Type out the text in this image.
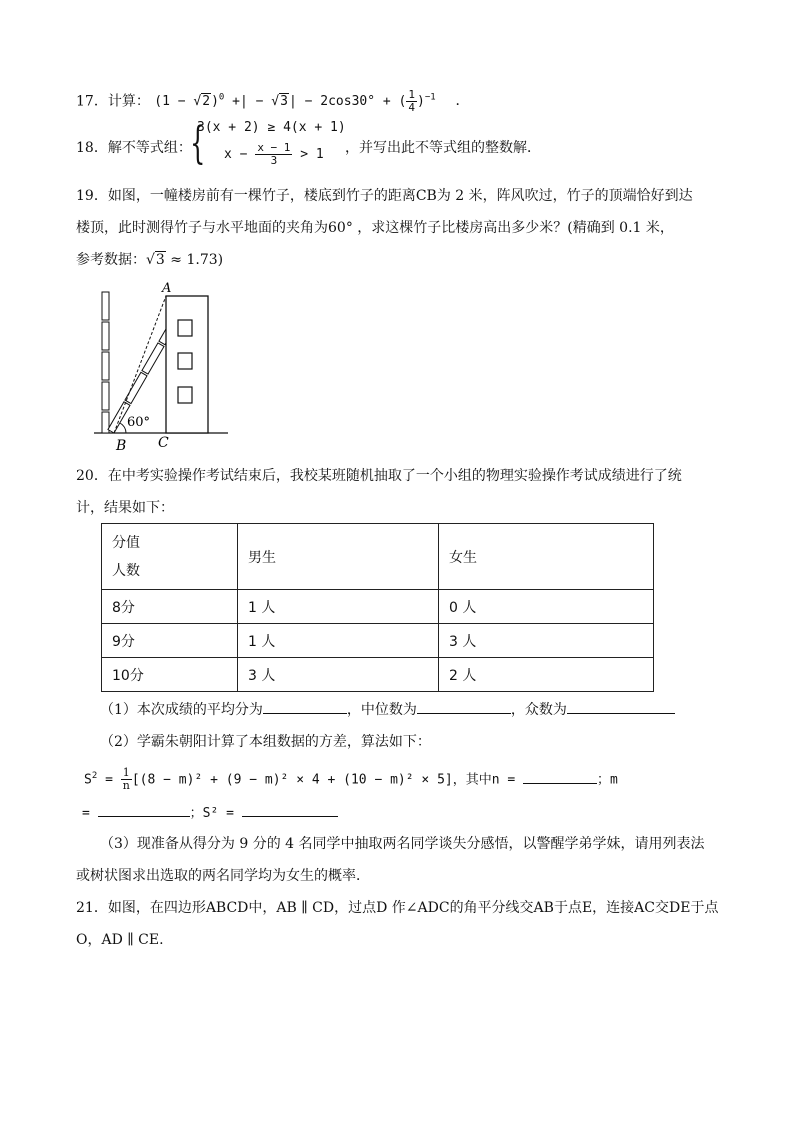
17．计算： $(1 - √2)^0$ +| − √3| − 2cos30° + ( $\frac{1}{4} )^{-1}$ ．
18．解不等式组：
{
3(x + 2) ≥ 4(x + 1)
$x - \frac{x - 1}{3} > 1$ ，并写出此不等式组的整数解．
19．如图，一幢楼房前有一棵竹子，楼底到竹子的距离CB为 2 米，阵风吹过，竹子的顶端恰好到达
楼顶，此时测得竹子与水平地面的夹角为60° ，求这棵竹子比楼房高出多少米？(精确到 0.1 米，
参考数据：√3 ≈ 1.73)
60°
A
B C
20．在中考实验操作考试结束后，我校某班随机抽取了一个小组的物理实验操作考试成绩进行了统
计，结果如下：
分值
人数	男生	女生
8分	1 人	0 人
9分	1 人	3 人
10分	3 人	2 人
（1）本次成绩的平均分为	，中位数为	，众数为
（2）学霸朱朝阳计算了本组数据的方差，算法如下：
$S^2 = \frac{1}{n} [(8 - m)^2 + (9 - m)^2 \times 4 + (10 - m)^2 \times 5]$，其中n =	；m
=	；S² =
（3）现准备从得分为 9 分的 4 名同学中抽取两名同学谈失分感悟，以警醒学弟学妹，请用列表法
或树状图求出选取的两名同学均为女生的概率．
21．如图，在四边形ABCD中，AB ∥ CD，过点D 作∠ADC的角平分线交AB于点E，连接AC交DE于点
O，AD ∥ CE.
